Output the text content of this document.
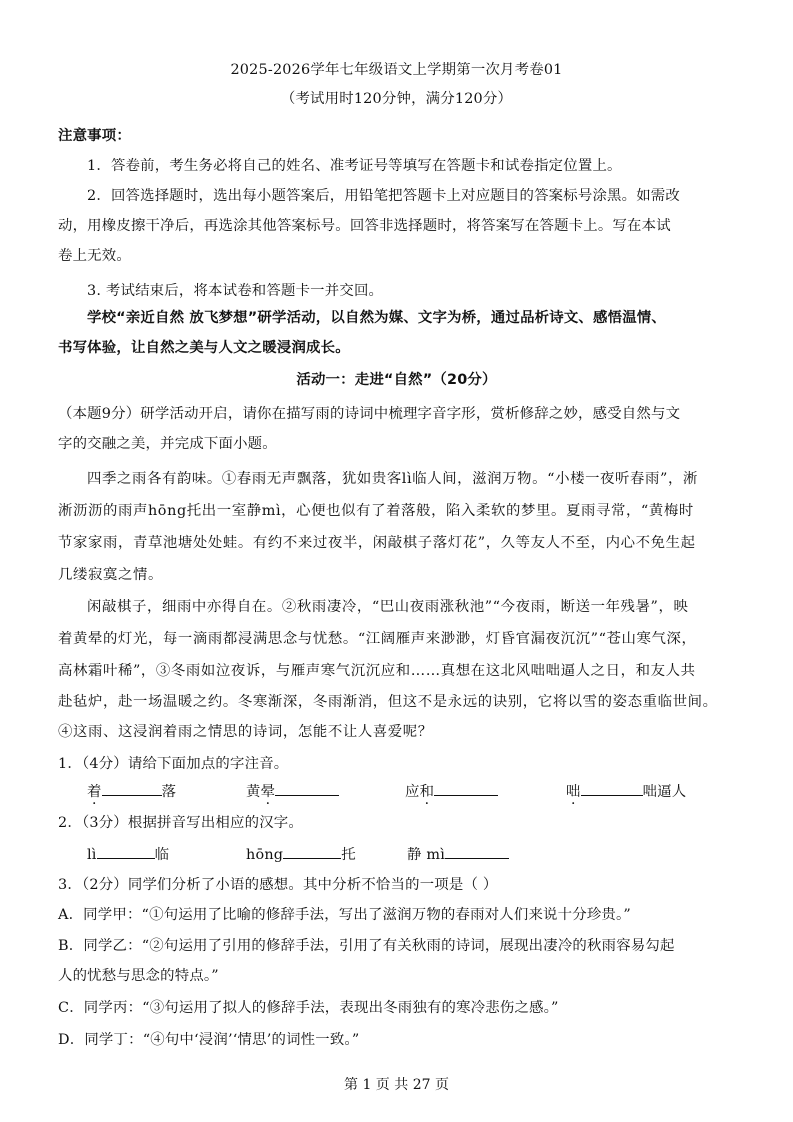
2025-2026学年七年级语文上学期第一次月考卷01
（考试用时120分钟，满分120分）
注意事项：
1．答卷前，考生务必将自己的姓名、准考证号等填写在答题卡和试卷指定位置上。
2．回答选择题时，选出每小题答案后，用铅笔把答题卡上对应题目的答案标号涂黑。如需改
动，用橡皮擦干净后，再选涂其他答案标号。回答非选择题时，将答案写在答题卡上。写在本试
卷上无效。
3. 考试结束后，将本试卷和答题卡一并交回。
学校“亲近自然 放飞梦想”研学活动，以自然为媒、文字为桥，通过品析诗文、感悟温情、
书写体验，让自然之美与人文之暖浸润成长。
活动一：走进“自然”（20分）
（本题9分）研学活动开启，请你在描写雨的诗词中梳理字音字形，赏析修辞之妙，感受自然与文
字的交融之美，并完成下面小题。
四季之雨各有韵味。①春雨无声飘落，犹如贵客lì临人间，滋润万物。“小楼一夜听春雨”，淅
淅沥沥的雨声hōng托出一室静mì，心便也似有了着落般，陷入柔软的梦里。夏雨寻常，“黄梅时
节家家雨，青草池塘处处蛙。有约不来过夜半，闲敲棋子落灯花”，久等友人不至，内心不免生起
几缕寂寞之情。
闲敲棋子，细雨中亦得自在。②秋雨凄冷，“巴山夜雨涨秋池”“今夜雨，断送一年残暑”，映
着黄晕的灯光，每一滴雨都浸满思念与忧愁。“江阔雁声来渺渺，灯昏官漏夜沉沉”“苍山寒气深，
高林霜叶稀”，③冬雨如泣夜诉，与雁声寒气沉沉应和……真想在这北风咄咄逼人之日，和友人共
赴毡炉，赴一场温暖之约。冬寒渐深，冬雨渐消，但这不是永远的诀别，它将以雪的姿态重临世间。
④这雨、这浸润着雨之情思的诗词，怎能不让人喜爱呢？
1．（4分）请给下面加点的字注音。
着	落	黄晕	应和	咄	咄逼人
2．（3分）根据拼音写出相应的汉字。
lì	临	hōng	托	静 mì
3．（2分）同学们分析了小语的感想。其中分析不恰当的一项是（ ）
A．同学甲：“①句运用了比喻的修辞手法，写出了滋润万物的春雨对人们来说十分珍贵。”
B．同学乙：“②句运用了引用的修辞手法，引用了有关秋雨的诗词，展现出凄冷的秋雨容易勾起
人的忧愁与思念的特点。”
C．同学丙：“③句运用了拟人的修辞手法，表现出冬雨独有的寒冷悲伤之感。”
D．同学丁：“④句中‘浸润’‘情思’的词性一致。”
第 1 页 共 27 页
